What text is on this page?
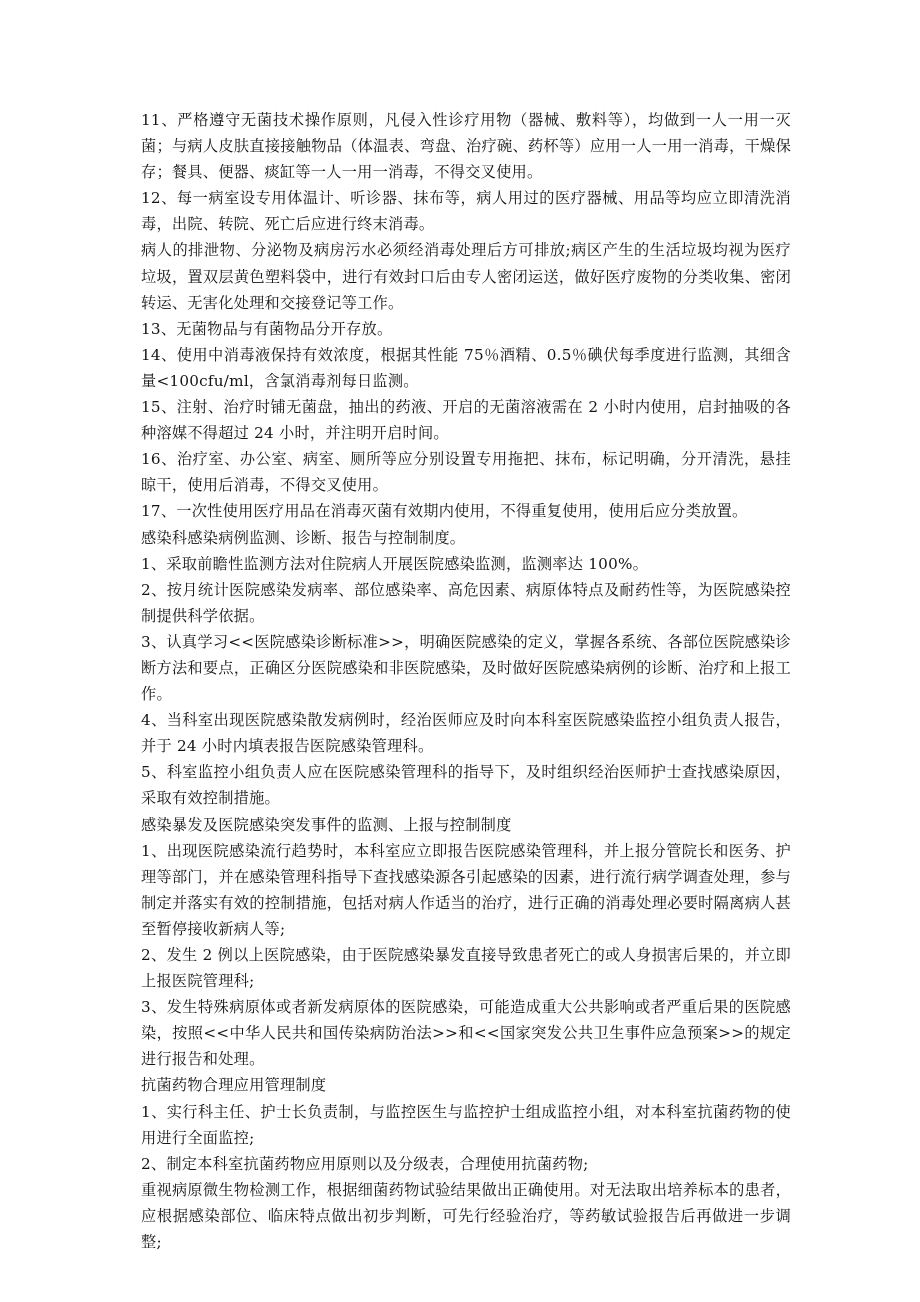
11、严格遵守无菌技术操作原则，凡侵入性诊疗用物（器械、敷料等），均做到一人一用一灭菌；与病人皮肤直接接触物品（体温表、弯盘、治疗碗、药杯等）应用一人一用一消毒，干燥保存；餐具、便器、痰缸等一人一用一消毒，不得交叉使用。

12、每一病室设专用体温计、听诊器、抹布等，病人用过的医疗器械、用品等均应立即清洗消毒，出院、转院、死亡后应进行终末消毒。

病人的排泄物、分泌物及病房污水必须经消毒处理后方可排放;病区产生的生活垃圾均视为医疗垃圾，置双层黄色塑料袋中，进行有效封口后由专人密闭运送，做好医疗废物的分类收集、密闭转运、无害化处理和交接登记等工作。

13、无菌物品与有菌物品分开存放。

14、使用中消毒液保持有效浓度，根据其性能 75％酒精、0.5％碘伏每季度进行监测，其细含量<100cfu/ml，含氯消毒剂每日监测。

15、注射、治疗时铺无菌盘，抽出的药液、开启的无菌溶液需在 2 小时内使用，启封抽吸的各种溶媒不得超过 24 小时，并注明开启时间。

16、治疗室、办公室、病室、厕所等应分别设置专用拖把、抹布，标记明确，分开清洗，悬挂晾干，使用后消毒，不得交叉使用。

17、一次性使用医疗用品在消毒灭菌有效期内使用，不得重复使用，使用后应分类放置。

感染科感染病例监测、诊断、报告与控制制度。

1、采取前瞻性监测方法对住院病人开展医院感染监测，监测率达 100%。

2、按月统计医院感染发病率、部位感染率、高危因素、病原体特点及耐药性等，为医院感染控制提供科学依据。

3、认真学习<<医院感染诊断标准>>，明确医院感染的定义，掌握各系统、各部位医院感染诊断方法和要点，正确区分医院感染和非医院感染，及时做好医院感染病例的诊断、治疗和上报工作。

4、当科室出现医院感染散发病例时，经治医师应及时向本科室医院感染监控小组负责人报告，并于 24 小时内填表报告医院感染管理科。

5、科室监控小组负责人应在医院感染管理科的指导下，及时组织经治医师护士查找感染原因，采取有效控制措施。

感染暴发及医院感染突发事件的监测、上报与控制制度

1、出现医院感染流行趋势时，本科室应立即报告医院感染管理科，并上报分管院长和医务、护理等部门，并在感染管理科指导下查找感染源各引起感染的因素，进行流行病学调查处理，参与制定并落实有效的控制措施，包括对病人作适当的治疗，进行正确的消毒处理必要时隔离病人甚至暂停接收新病人等;

2、发生 2 例以上医院感染，由于医院感染暴发直接导致患者死亡的或人身损害后果的，并立即上报医院管理科;

3、发生特殊病原体或者新发病原体的医院感染，可能造成重大公共影响或者严重后果的医院感染，按照<<中华人民共和国传染病防治法>>和<<国家突发公共卫生事件应急预案>>的规定进行报告和处理。

抗菌药物合理应用管理制度

1、实行科主任、护士长负责制，与监控医生与监控护士组成监控小组，对本科室抗菌药物的使用进行全面监控;

2、制定本科室抗菌药物应用原则以及分级表，合理使用抗菌药物;

重视病原微生物检测工作，根据细菌药物试验结果做出正确使用。对无法取出培养标本的患者，应根据感染部位、临床特点做出初步判断，可先行经验治疗，等药敏试验报告后再做进一步调整;
